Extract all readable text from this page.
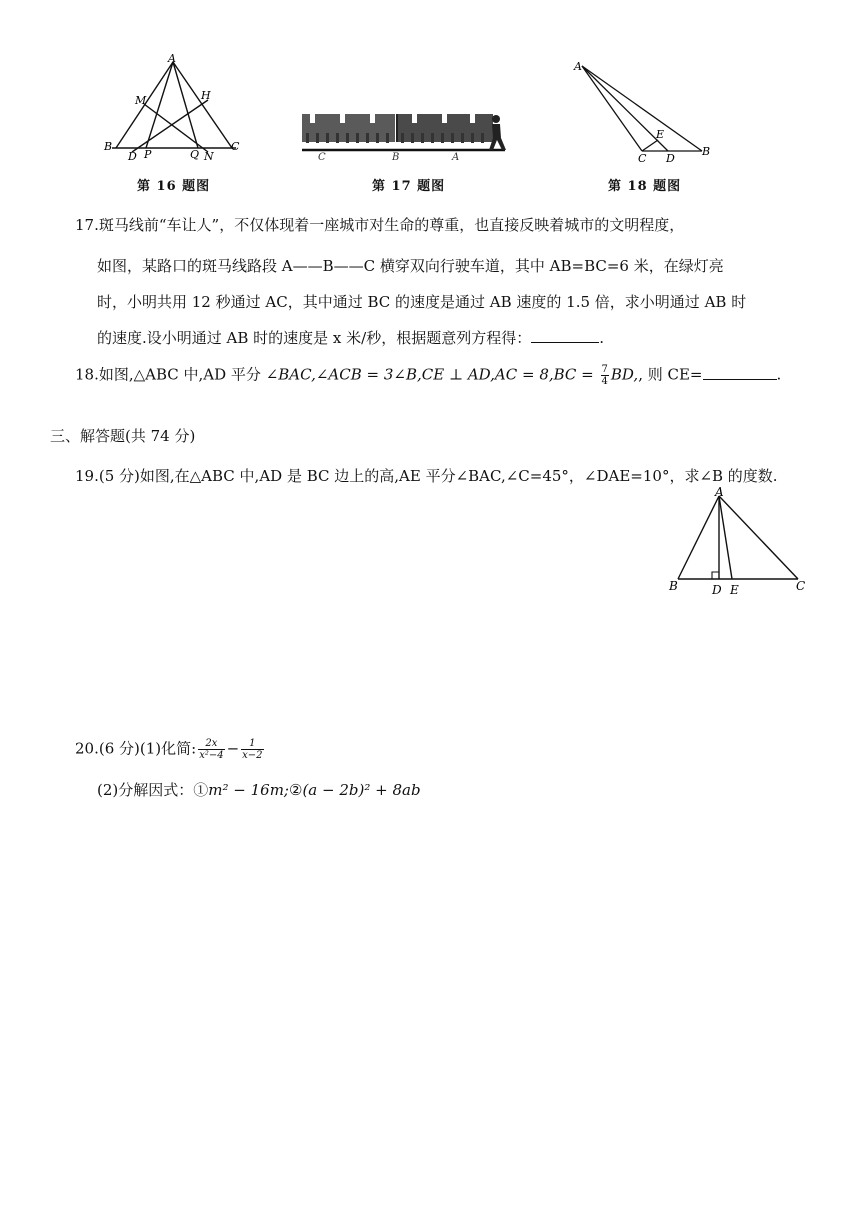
A
M	H
B
D P	Q N
C
第 16 题图
C	B	A
第 17 题图
A
E
C D
B
第 18 题图
17.斑马线前“车让人”，不仅体现着一座城市对生命的尊重，也直接反映着城市的文明程度，
如图，某路口的斑马线路段 A——B——C 横穿双向行驶车道，其中 AB=BC=6 米，在绿灯亮
时，小明共用 12 秒通过 AC，其中通过 BC 的速度是通过 AB 速度的 1.5 倍，求小明通过 AB 时
的速度.设小明通过 AB 时的速度是 x 米/秒，根据题意列方程得：	.
18.如图,△ABC 中,AD 平分 ∠BAC,∠ACB = 3∠B,CE ⊥ $AD,AC = 8,BC = \frac{7}{4}$ BD,, 则 CE=	.
三、解答题(共 74 分)
19.(5 分)如图,在△ABC 中,AD 是 BC 边上的高,AE 平分∠BAC,∠C=45°，∠DAE=10°，求∠B 的度数.
A
B	D E	C
20.(6 分)(1)化简: $\frac{2x}{\text{x²−4}} - \frac{1}{x-2}$
(2)分解因式：①m² − 16m;②(a − 2b)² + 8ab
